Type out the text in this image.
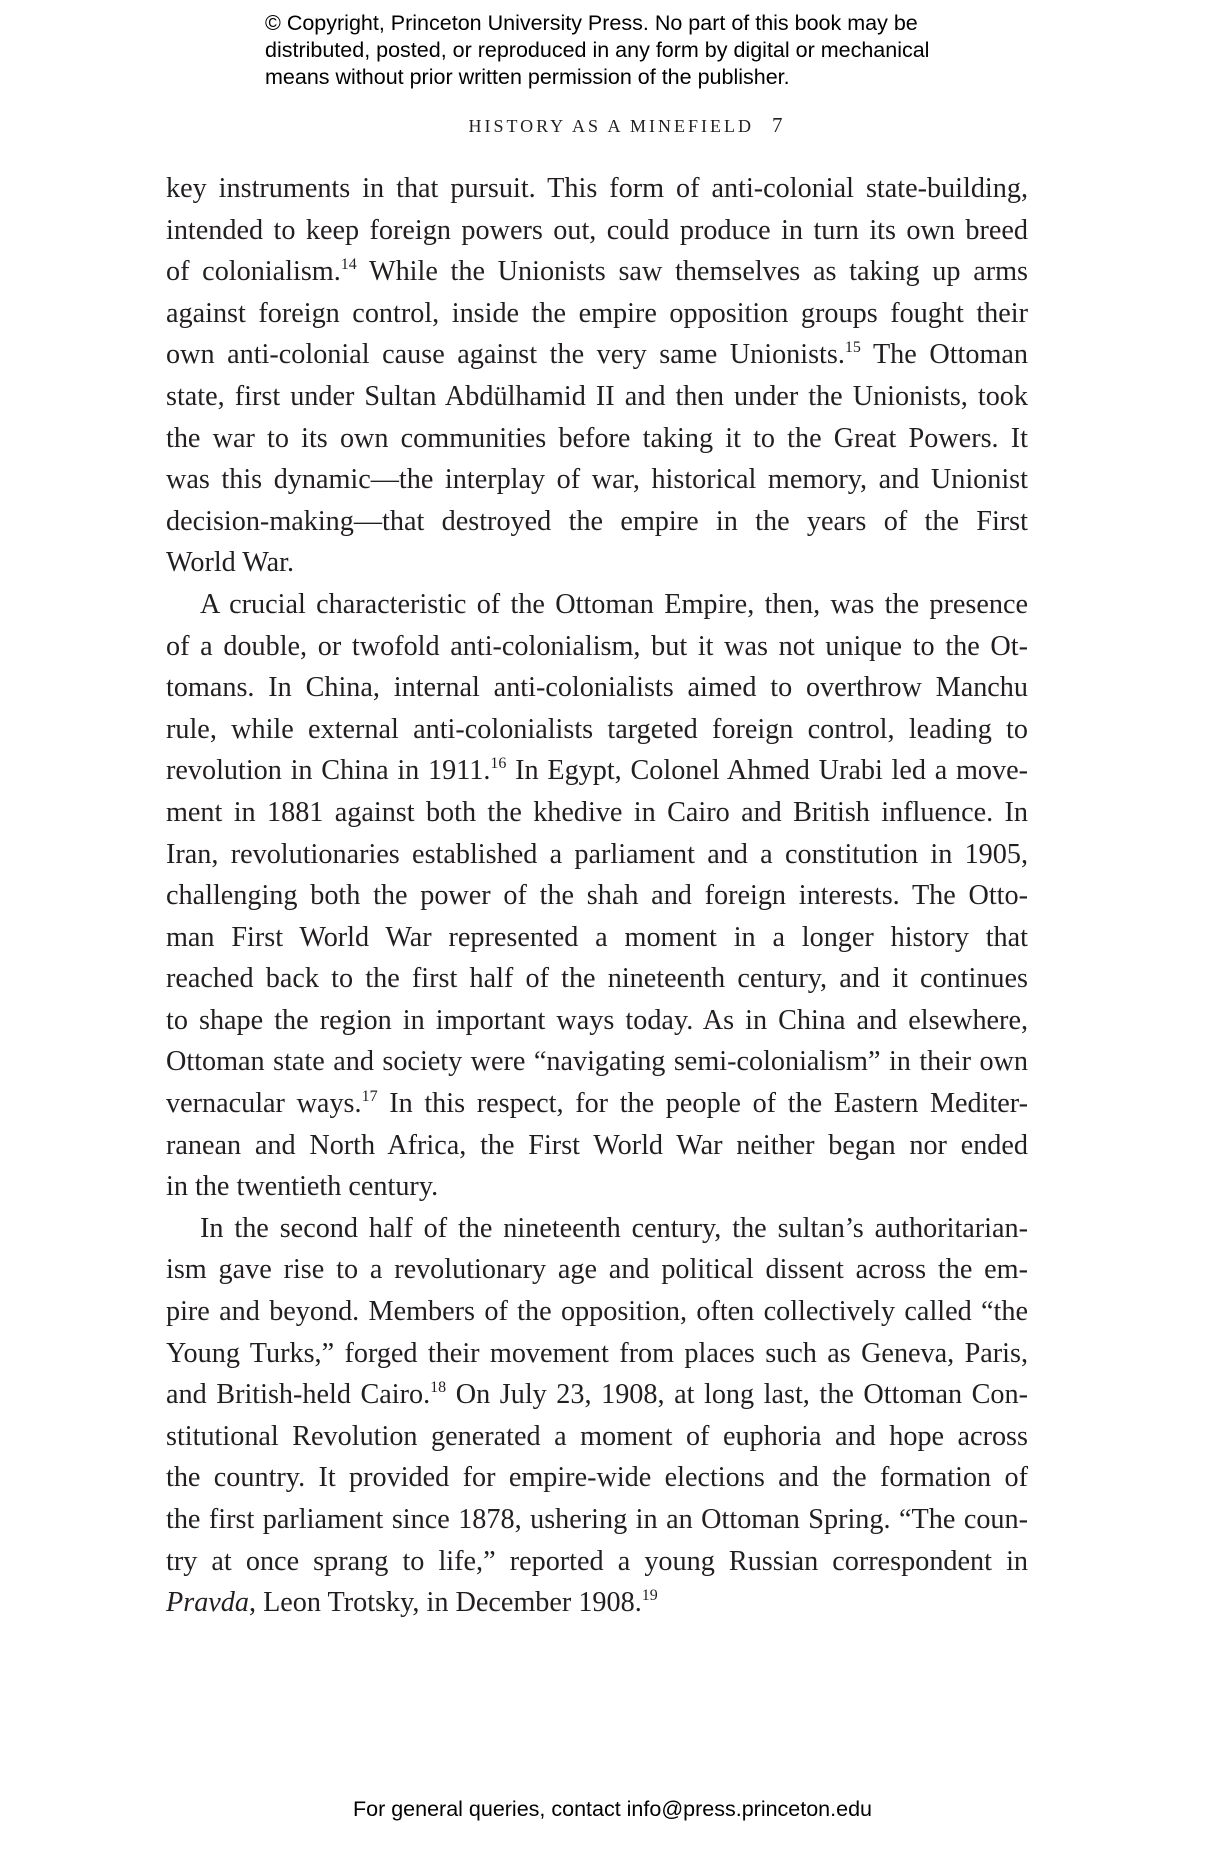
© Copyright, Princeton University Press. No part of this book may be
distributed, posted, or reproduced in any form by digital or mechanical
means without prior written permission of the publisher.
HISTORY AS A MINEFIELD 7
key instruments in that pursuit. This form of anti-colonial state-building,
intended to keep foreign powers out, could produce in turn its own breed
of colonialism.$^{14}$ While the Unionists saw themselves as taking up arms
against foreign control, inside the empire opposition groups fought their
own anti-colonial cause against the very same Unionists.$^{15}$ The Ottoman
state, first under Sultan Abdülhamid II and then under the Unionists, took
the war to its own communities before taking it to the Great Powers. It
was this dynamic—the interplay of war, historical memory, and Unionist
decision-making—that destroyed the empire in the years of the First
World War.
A crucial characteristic of the Ottoman Empire, then, was the presence
of a double, or twofold anti-colonialism, but it was not unique to the Ot-
tomans. In China, internal anti-colonialists aimed to overthrow Manchu
rule, while external anti-colonialists targeted foreign control, leading to
revolution in China in 1911.16 In Egypt, Colonel Ahmed Urabi led a move-
ment in 1881 against both the khedive in Cairo and British influence. In
Iran, revolutionaries established a parliament and a constitution in 1905,
challenging both the power of the shah and foreign interests. The Otto-
man First World War represented a moment in a longer history that
reached back to the first half of the nineteenth century, and it continues
to shape the region in important ways today. As in China and elsewhere,
Ottoman state and society were “navigating semi-colonialism” in their own
vernacular ways.$^{17}$ In this respect, for the people of the Eastern Mediter-
ranean and North Africa, the First World War neither began nor ended
in the twentieth century.
In the second half of the nineteenth century, the sultan’s authoritarian-
ism gave rise to a revolutionary age and political dissent across the em-
pire and beyond. Members of the opposition, often collectively called “the
Young Turks,” forged their movement from places such as Geneva, Paris,
and British-held Cairo.$^{18}$ On July 23, 1908, at long last, the Ottoman Con-
stitutional Revolution generated a moment of euphoria and hope across
the country. It provided for empire-wide elections and the formation of
the first parliament since 1878, ushering in an Ottoman Spring. “The coun-
try at once sprang to life,” reported a young Russian correspondent in
Pravda, Leon Trotsky, in December 1908.19
For general queries, contact info@press.princeton.edu
